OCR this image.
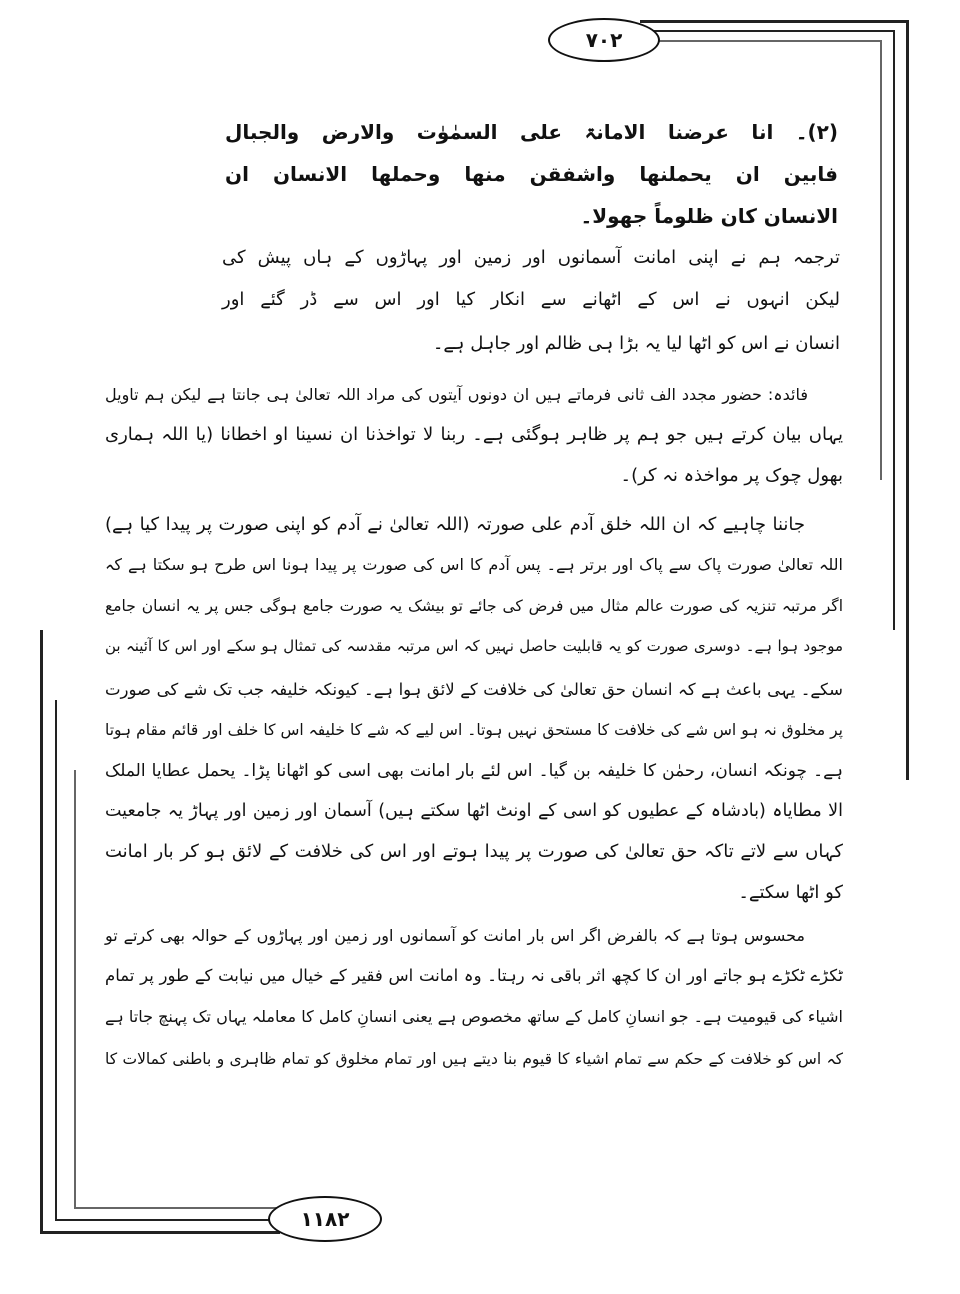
۷۰۲
۱۱۸۲
(۲)۔ انا عرضنا الامانۃ علی السمٰوٰت والارض والجبال
فابین ان یحملنھا واشفقن منھا وحملھا الانسان ان
الانسان کان ظلوماً جھولا۔
ترجمہ ہم نے اپنی امانت آسمانوں اور زمین اور پہاڑوں کے ہاں پیش کی
لیکن انہوں نے اس کے اٹھانے سے انکار کیا اور اس سے ڈر گئے اور
انسان نے اس کو اٹھا لیا یہ بڑا ہی ظالم اور جاہل ہے۔
فائدہ: حضور مجدد الف ثانی فرماتے ہیں ان دونوں آیتوں کی مراد اللہ تعالیٰ ہی جانتا ہے لیکن ہم تاویل
یہاں بیان کرتے ہیں جو ہم پر ظاہر ہوگئی ہے۔ ربنا لا تواخذنا ان نسینا او اخطانا (یا اللہ ہماری
بھول چوک پر مواخذہ نہ کر)۔
جاننا چاہیے کہ ان اللہ خلق آدم علی صورتہ (اللہ تعالیٰ نے آدم کو اپنی صورت پر پیدا کیا ہے)
اللہ تعالیٰ صورت پاک سے پاک اور برتر ہے۔ پس آدم کا اس کی صورت پر پیدا ہونا اس طرح ہو سکتا ہے کہ
اگر مرتبہ تنزیہ کی صورت عالم مثال میں فرض کی جائے تو بیشک یہ صورت جامع ہوگی جس پر یہ انسان جامع
موجود ہوا ہے۔ دوسری صورت کو یہ قابلیت حاصل نہیں کہ اس مرتبہ مقدسہ کی تمثال ہو سکے اور اس کا آئینہ بن
سکے۔ یہی باعث ہے کہ انسان حق تعالیٰ کی خلافت کے لائق ہوا ہے۔ کیونکہ خلیفہ جب تک شے کی صورت
پر مخلوق نہ ہو اس شے کی خلافت کا مستحق نہیں ہوتا۔ اس لیے کہ شے کا خلیفہ اس کا خلف اور قائم مقام ہوتا
ہے۔ چونکہ انسان، رحمٰن کا خلیفہ بن گیا۔ اس لئے بار امانت بھی اسی کو اٹھانا پڑا۔ یحمل عطایا الملک
الا مطایاہ (بادشاہ کے عطیوں کو اسی کے اونٹ اٹھا سکتے ہیں) آسمان اور زمین اور پہاڑ یہ جامعیت
کہاں سے لاتے تاکہ حق تعالیٰ کی صورت پر پیدا ہوتے اور اس کی خلافت کے لائق ہو کر بار امانت
کو اٹھا سکتے۔
محسوس ہوتا ہے کہ بالفرض اگر اس بار امانت کو آسمانوں اور زمین اور پہاڑوں کے حوالہ بھی کرتے تو
ٹکڑے ٹکڑے ہو جاتے اور ان کا کچھ اثر باقی نہ رہتا۔ وہ امانت اس فقیر کے خیال میں نیابت کے طور پر تمام
اشیاء کی قیومیت ہے۔ جو انسانِ کامل کے ساتھ مخصوص ہے یعنی انسانِ کامل کا معاملہ یہاں تک پہنچ جاتا ہے
کہ اس کو خلافت کے حکم سے تمام اشیاء کا قیوم بنا دیتے ہیں اور تمام مخلوق کو تمام ظاہری و باطنی کمالات کا
